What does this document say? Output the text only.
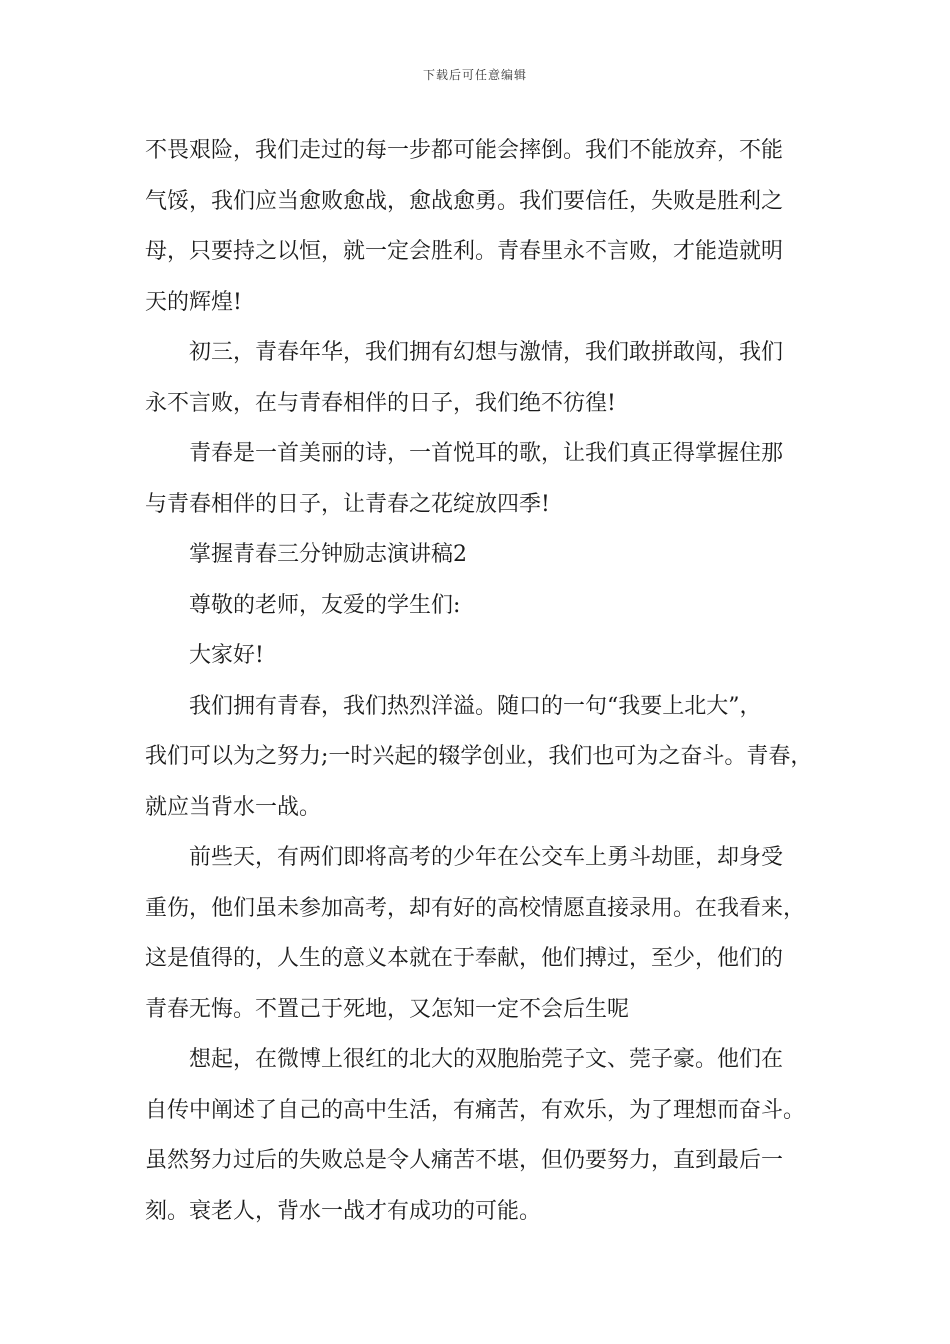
下载后可任意编辑
不畏艰险，我们走过的每一步都可能会摔倒。我们不能放弃，不能
气馁，我们应当愈败愈战，愈战愈勇。我们要信任，失败是胜利之
母，只要持之以恒，就一定会胜利。青春里永不言败，才能造就明
天的辉煌!
初三，青春年华，我们拥有幻想与激情，我们敢拼敢闯，我们
永不言败，在与青春相伴的日子，我们绝不彷徨!
青春是一首美丽的诗，一首悦耳的歌，让我们真正得掌握住那
与青春相伴的日子，让青春之花绽放四季!
掌握青春三分钟励志演讲稿2
尊敬的老师，友爱的学生们:
大家好!
我们拥有青春，我们热烈洋溢。随口的一句“我要上北大”，
我们可以为之努力;一时兴起的辍学创业，我们也可为之奋斗。青春，
就应当背水一战。
前些天，有两们即将高考的少年在公交车上勇斗劫匪，却身受
重伤，他们虽未参加高考，却有好的高校情愿直接录用。在我看来，
这是值得的，人生的意义本就在于奉献，他们搏过，至少，他们的
青春无悔。不置己于死地，又怎知一定不会后生呢
想起，在微博上很红的北大的双胞胎莞子文、莞子豪。他们在
自传中阐述了自己的高中生活，有痛苦，有欢乐，为了理想而奋斗。
虽然努力过后的失败总是令人痛苦不堪，但仍要努力，直到最后一
刻。衰老人，背水一战才有成功的可能。
